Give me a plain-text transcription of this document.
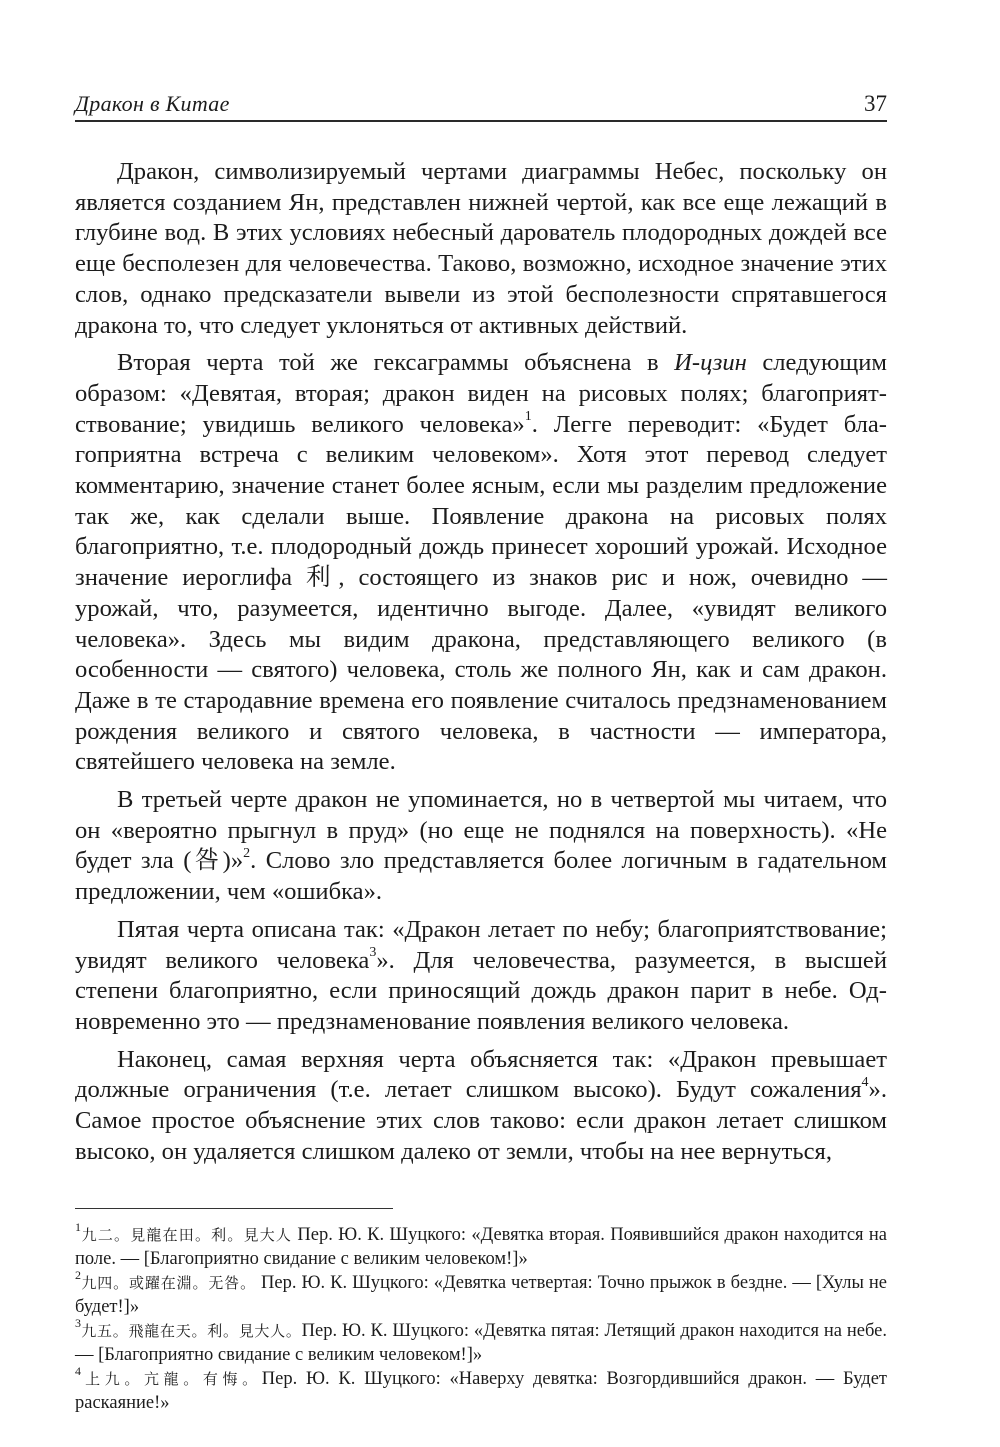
Дракон в Китае	37

Дракон, символизируемый чертами диаграммы Небес, поскольку он является созданием Ян, представлен нижней чертой, как все еще лежащий в глубине вод. В этих условиях небесный дарователь плодородных дождей все еще бесполезен для человечества. Таково, возможно, исходное значение этих слов, однако предсказатели вывели из этой бесполезности спрятавшегося дракона то, что следует уклоняться от активных действий.

Вторая черта той же гексаграммы объяснена в И-цзин следующим образом: «Девятая, вторая; дракон виден на рисовых полях; благоприятствование; увидишь великого человека»$^1$. Легге переводит: «Будет благоприятна встреча с великим человеком». Хотя этот перевод следует комментарию, значение станет более ясным, если мы разделим предложение так же, как сделали выше. Появление дракона на рисовых полях благоприятно, т.е. плодородный дождь принесет хороший урожай. Исходное значение иероглифа 利, состоящего из знаков рис и нож, очевидно — урожай, что, разумеется, идентично выгоде. Далее, «увидят великого человека». Здесь мы видим дракона, представляющего великого (в особенности — святого) человека, столь же полного Ян, как и сам дракон. Даже в те стародавние времена его появление считалось предзнаменованием рождения великого и святого человека, в частности — императора, святейшего человека на земле.

В третьей черте дракон не упоминается, но в четвертой мы читаем, что он «вероятно прыгнул в пруд» (но еще не поднялся на поверхность). «Не будет зла (咎)»$^2$. Слово зло представляется более логичным в гадательном предложении, чем «ошибка».

Пятая черта описана так: «Дракон летает по небу; благоприятствование; увидят великого человека$^3$». Для человечества, разумеется, в высшей степени благоприятно, если приносящий дождь дракон парит в небе. Одновременно это — предзнаменование появления великого человека.

Наконец, самая верхняя черта объясняется так: «Дракон превышает должные ограничения (т.е. летает слишком высоко). Будут сожаления$^4$». Самое простое объяснение этих слов таково: если дракон летает слишком высоко, он удаляется слишком далеко от земли, чтобы на нее вернуться,

$^1$九二。見龍在田。利。見大人 Пер. Ю. К. Шуцкого: «Девятка вторая. Появившийся дракон находится на поле. — [Благоприятно свидание с великим человеком!]»

$^2$九四。或躍在淵。无咎。 Пер. Ю. К. Шуцкого: «Девятка четвертая: Точно прыжок в бездне. — [Хулы не будет!]»

$^3$九五。飛龍在天。利。見大人。Пер. Ю. К. Шуцкого: «Девятка пятая: Летящий дракон находится на небе. — [Благоприятно свидание с великим человеком!]»

$^4$上九。亢龍。有悔。Пер. Ю. К. Шуцкого: «Наверху девятка: Возгордившийся дракон. — Будет раскаяние!»
